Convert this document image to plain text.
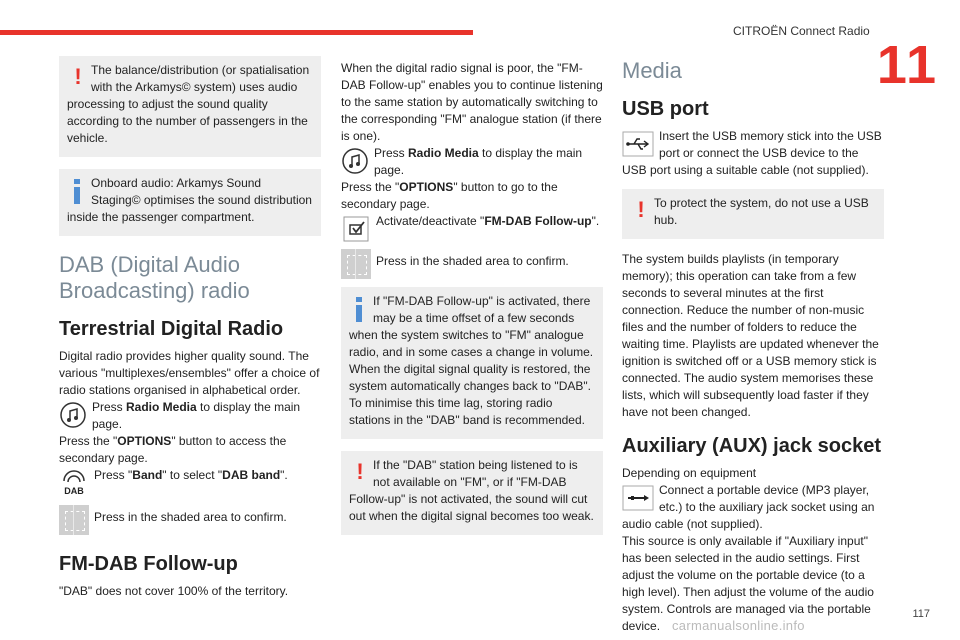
CITROËN Connect Radio
11
! The balance/distribution (or spatialisation with the Arkamys© system) uses audio processing to adjust the sound quality according to the number of passengers in the vehicle.
Onboard audio: Arkamys Sound Staging© optimises the sound distribution inside the passenger compartment.
DAB (Digital Audio Broadcasting) radio
Terrestrial Digital Radio

Digital radio provides higher quality sound. The various "multiplexes/ensembles" offer a choice of radio stations organised in alphabetical order.

Press Radio Media to display the main page.

Press the "OPTIONS" button to access the secondary page.

DAB

Press "Band" to select "DAB band".

Press in the shaded area to confirm.

FM-DAB Follow-up

"DAB" does not cover 100% of the territory.

When the digital radio signal is poor, the "FM-DAB Follow-up" enables you to continue listening to the same station by automatically switching to the corresponding "FM" analogue station (if there is one).

Press Radio Media to display the main page.

Press the "OPTIONS" button to go to the secondary page.

Activate/deactivate "FM-DAB Follow-up".

Press in the shaded area to confirm.

If "FM-DAB Follow-up" is activated, there may be a time offset of a few seconds when the system switches to "FM" analogue radio, and in some cases a change in volume. When the digital signal quality is restored, the system automatically changes back to "DAB". To minimise this time lag, storing radio stations in the "DAB" band is recommended.
! If the "DAB" station being listened to is not available on "FM", or if "FM-DAB Follow-up" is not activated, the sound will cut out when the digital signal becomes too weak.
Media
USB port

Insert the USB memory stick into the USB port or connect the USB device to the USB port using a suitable cable (not supplied).

! To protect the system, do not use a USB hub.

The system builds playlists (in temporary memory); this operation can take from a few seconds to several minutes at the first connection. Reduce the number of non-music files and the number of folders to reduce the waiting time. Playlists are updated whenever the ignition is switched off or a USB memory stick is connected. The audio system memorises these lists, which will subsequently load faster if they have not been changed.

Auxiliary (AUX) jack socket

Depending on equipment

Connect a portable device (MP3 player, etc.) to the auxiliary jack socket using an audio cable (not supplied).

This source is only available if "Auxiliary input" has been selected in the audio settings. First adjust the volume on the portable device (to a high level). Then adjust the volume of the audio system. Controls are managed via the portable device.

117
carmanualsonline.info
